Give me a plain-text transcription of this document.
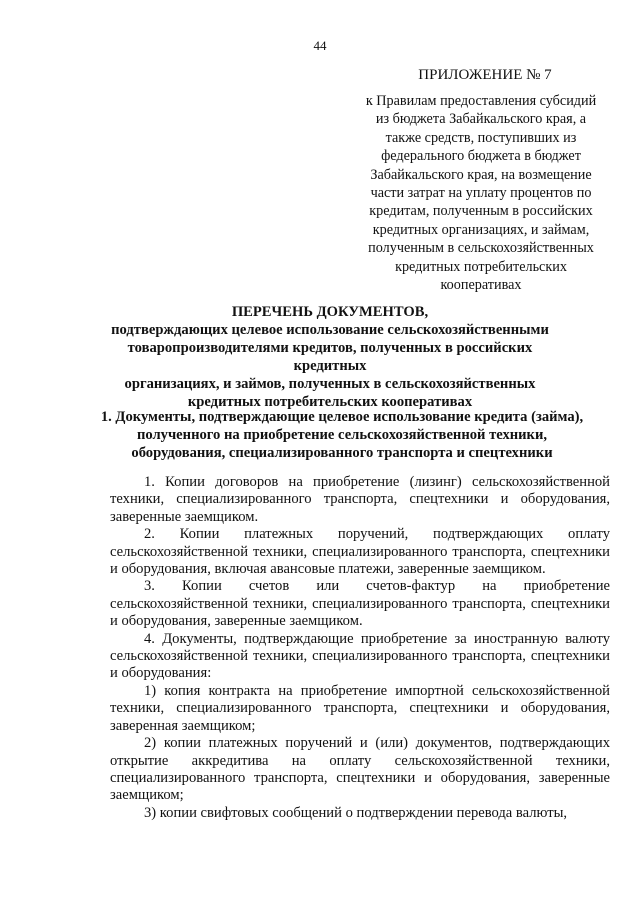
44
ПРИЛОЖЕНИЕ № 7
к Правилам предоставления субсидий
из бюджета Забайкальского края, а
также средств, поступивших из
федерального бюджета в бюджет
Забайкальского края, на возмещение
части затрат на уплату процентов по
кредитам, полученным в российских
кредитных организациях, и займам,
полученным в сельскохозяйственных
кредитных потребительских
кооперативах
ПЕРЕЧЕНЬ ДОКУМЕНТОВ,
подтверждающих целевое использование сельскохозяйственными
товаропроизводителями кредитов, полученных в российских кредитных
организациях, и займов, полученных в сельскохозяйственных
кредитных потребительских кооперативах
1. Документы, подтверждающие целевое использование кредита (займа),
полученного на приобретение сельскохозяйственной техники,
оборудования, специализированного транспорта и спецтехники

1. Копии договоров на приобретение (лизинг) сельскохозяйственной техники, специализированного транспорта, спецтехники и оборудования, заверенные заемщиком.

2. Копии платежных поручений, подтверждающих оплату сельскохозяйственной техники, специализированного транспорта, спецтехники и оборудования, включая авансовые платежи, заверенные заемщиком.

3. Копии счетов или счетов-фактур на приобретение сельскохозяйственной техники, специализированного транспорта, спецтехники и оборудования, заверенные заемщиком.

4. Документы, подтверждающие приобретение за иностранную валюту сельскохозяйственной техники, специализированного транспорта, спецтехники и оборудования:

1) копия контракта на приобретение импортной сельскохозяйственной техники, специализированного транспорта, спецтехники и оборудования, заверенная заемщиком;

2) копии платежных поручений и (или) документов, подтверждающих открытие аккредитива на оплату сельскохозяйственной техники, специализированного транспорта, спецтехники и оборудования, заверенные заемщиком;

3) копии свифтовых сообщений о подтверждении перевода валюты,
